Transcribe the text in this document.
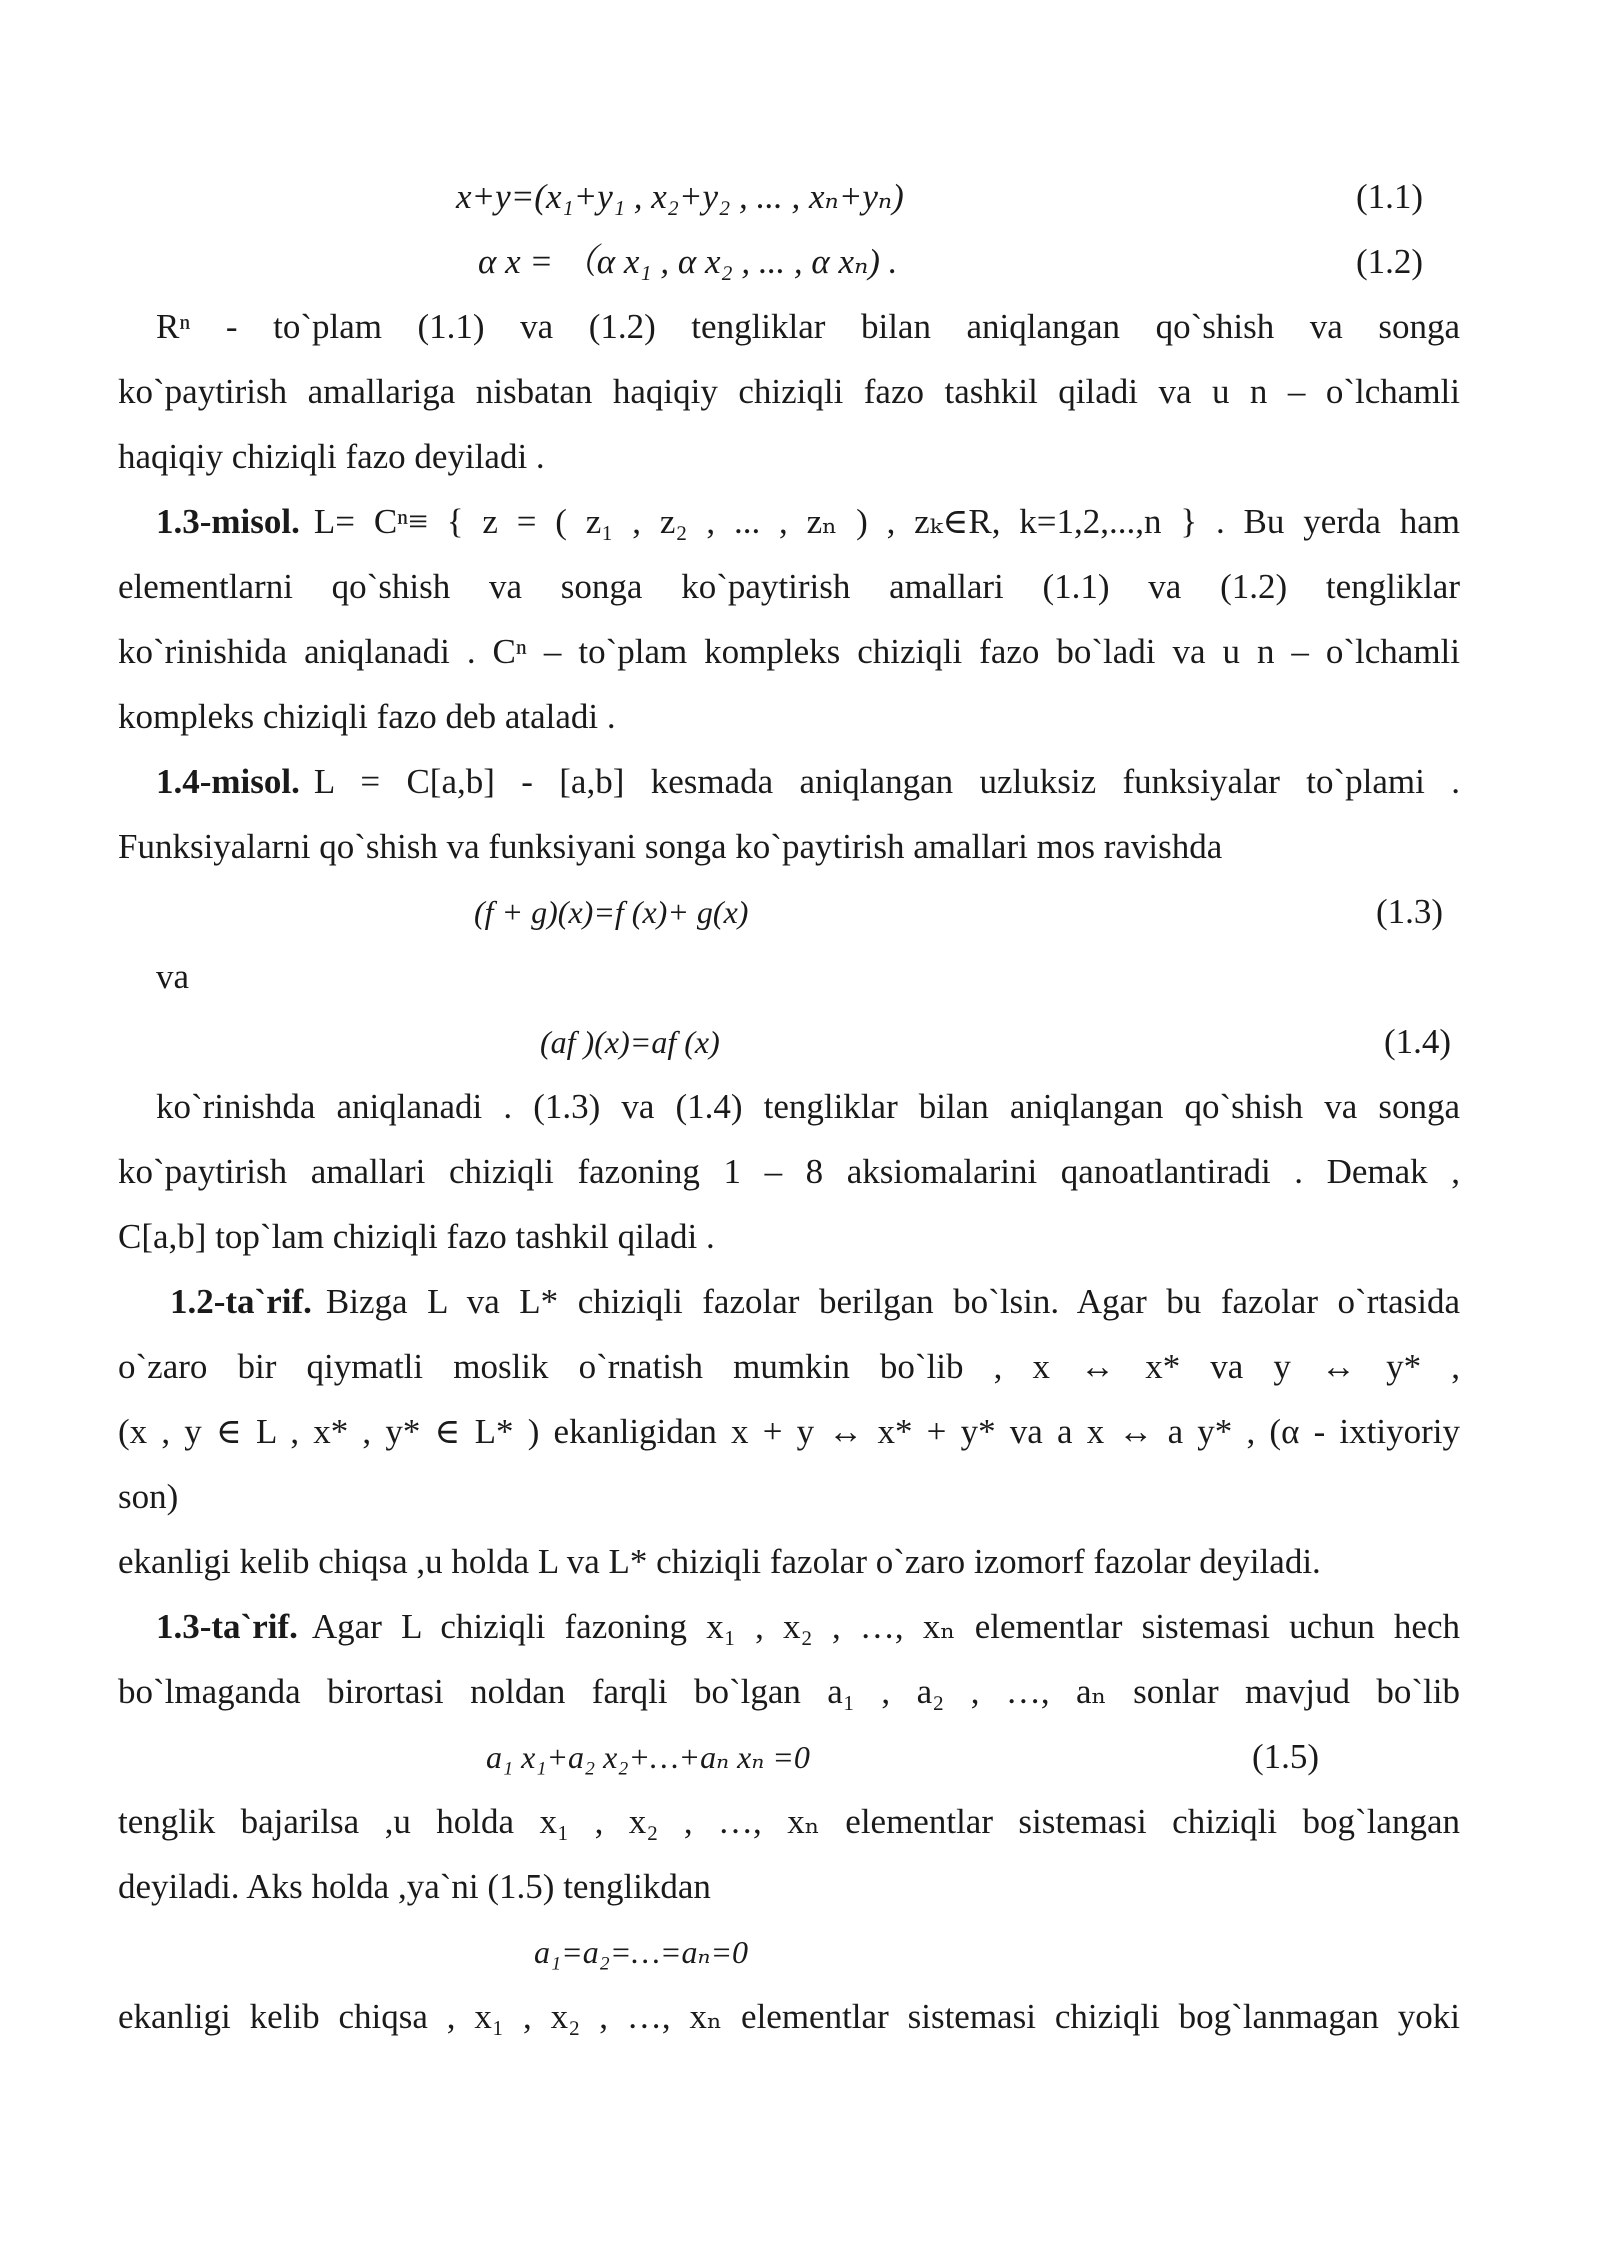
x+y=(x₁+y₁ , x₂+y₂ , ... , xₙ+yₙ)	(1.1)
α x = （α x₁ , α x₂ , ... , α xₙ) .	(1.2)
Rⁿ - to`plam (1.1) va (1.2) tengliklar bilan aniqlangan qo`shish va songa
ko`paytirish amallariga nisbatan haqiqiy chiziqli fazo tashkil qiladi va u n – o`lchamli
haqiqiy chiziqli fazo deyiladi .
1.3-misol. L= Cⁿ≡ { z = ( z₁ , z₂ , ... , zₙ ) , zₖ∈R, k=1,2,...,n } . Bu yerda ham
elementlarni qo`shish va songa ko`paytirish amallari (1.1) va (1.2) tengliklar
ko`rinishida aniqlanadi . Cⁿ – to`plam kompleks chiziqli fazo bo`ladi va u n – o`lchamli
kompleks chiziqli fazo deb ataladi .
1.4-misol. L = C[a,b] - [a,b] kesmada aniqlangan uzluksiz funksiyalar to`plami .
Funksiyalarni qo`shish va funksiyani songa ko`paytirish amallari mos ravishda
(f + g)(x)=f (x)+ g(x)	(1.3)
va
(af )(x)=af (x)	(1.4)
ko`rinishda aniqlanadi . (1.3) va (1.4) tengliklar bilan aniqlangan qo`shish va songa
ko`paytirish amallari chiziqli fazoning 1 – 8 aksiomalarini qanoatlantiradi . Demak ,
C[a,b] top`lam chiziqli fazo tashkil qiladi .
1.2-ta`rif. Bizga L va L* chiziqli fazolar berilgan bo`lsin. Agar bu fazolar o`rtasida
o`zaro bir qiymatli moslik o`rnatish mumkin bo`lib , x ↔ x* va y ↔ y* ,
(x , y ∈ L , x* , y* ∈ L* ) ekanligidan x + y ↔ x* + y* va a x ↔ a y* , (α - ixtiyoriy
son)
ekanligi kelib chiqsa ,u holda L va L* chiziqli fazolar o`zaro izomorf fazolar deyiladi.
1.3-ta`rif. Agar L chiziqli fazoning x₁ , x₂ , …, xₙ elementlar sistemasi uchun hech
bo`lmaganda birortasi noldan farqli bo`lgan a₁ , a₂ , …, aₙ sonlar mavjud bo`lib
a₁ x₁+a₂ x₂+…+aₙ xₙ =0	(1.5)
tenglik bajarilsa ,u holda x₁ , x₂ , …, xₙ elementlar sistemasi chiziqli bog`langan
deyiladi. Aks holda ,ya`ni (1.5) tenglikdan
a₁=a₂=…=aₙ=0
ekanligi kelib chiqsa , x₁ , x₂ , …, xₙ elementlar sistemasi chiziqli bog`lanmagan yoki
